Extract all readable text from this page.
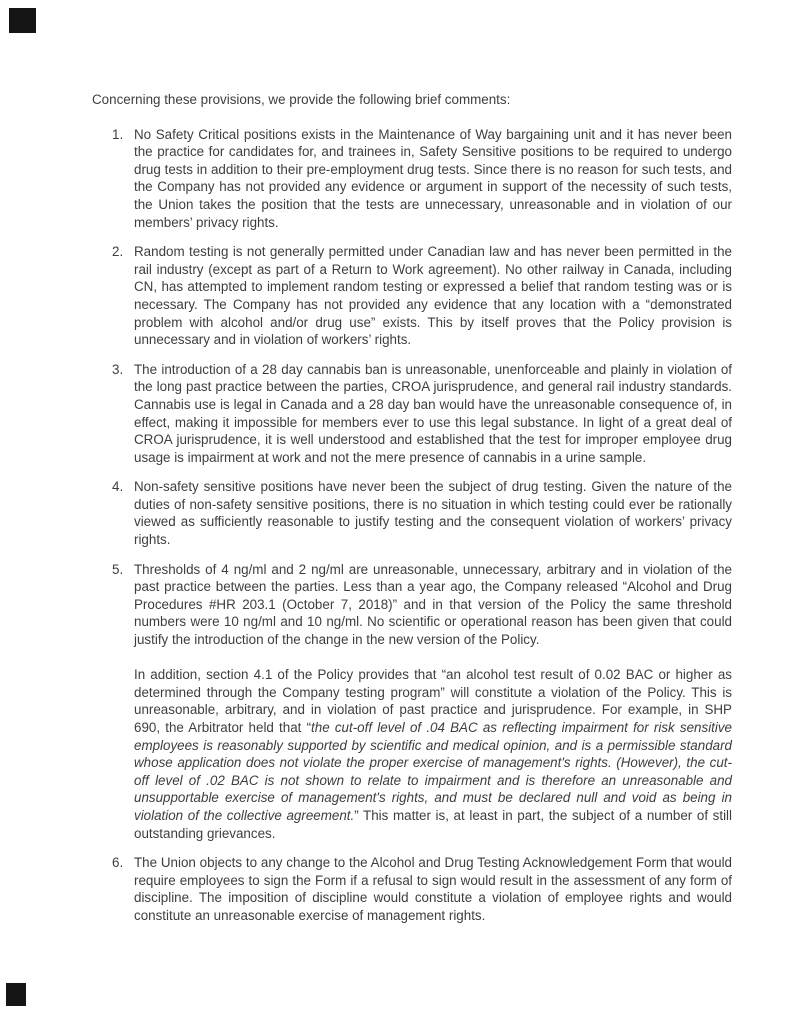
Concerning these provisions, we provide the following brief comments:

1. No Safety Critical positions exists in the Maintenance of Way bargaining unit and it has never been the practice for candidates for, and trainees in, Safety Sensitive positions to be required to undergo drug tests in addition to their pre-employment drug tests. Since there is no reason for such tests, and the Company has not provided any evidence or argument in support of the necessity of such tests, the Union takes the position that the tests are unnecessary, unreasonable and in violation of our members’ privacy rights.

2. Random testing is not generally permitted under Canadian law and has never been permitted in the rail industry (except as part of a Return to Work agreement). No other railway in Canada, including CN, has attempted to implement random testing or expressed a belief that random testing was or is necessary. The Company has not provided any evidence that any location with a “demonstrated problem with alcohol and/or drug use” exists. This by itself proves that the Policy provision is unnecessary and in violation of workers’ rights.

3. The introduction of a 28 day cannabis ban is unreasonable, unenforceable and plainly in violation of the long past practice between the parties, CROA jurisprudence, and general rail industry standards. Cannabis use is legal in Canada and a 28 day ban would have the unreasonable consequence of, in effect, making it impossible for members ever to use this legal substance. In light of a great deal of CROA jurisprudence, it is well understood and established that the test for improper employee drug usage is impairment at work and not the mere presence of cannabis in a urine sample.

4. Non-safety sensitive positions have never been the subject of drug testing. Given the nature of the duties of non-safety sensitive positions, there is no situation in which testing could ever be rationally viewed as sufficiently reasonable to justify testing and the consequent violation of workers’ privacy rights.

5. Thresholds of 4 ng/ml and 2 ng/ml are unreasonable, unnecessary, arbitrary and in violation of the past practice between the parties. Less than a year ago, the Company released “Alcohol and Drug Procedures #HR 203.1 (October 7, 2018)” and in that version of the Policy the same threshold numbers were 10 ng/ml and 10 ng/ml. No scientific or operational reason has been given that could justify the introduction of the change in the new version of the Policy.

In addition, section 4.1 of the Policy provides that “an alcohol test result of 0.02 BAC or higher as determined through the Company testing program” will constitute a violation of the Policy. This is unreasonable, arbitrary, and in violation of past practice and jurisprudence. For example, in SHP 690, the Arbitrator held that “the cut-off level of .04 BAC as reflecting impairment for risk sensitive employees is reasonably supported by scientific and medical opinion, and is a permissible standard whose application does not violate the proper exercise of management's rights. (However), the cut-off level of .02 BAC is not shown to relate to impairment and is therefore an unreasonable and unsupportable exercise of management's rights, and must be declared null and void as being in violation of the collective agreement.” This matter is, at least in part, the subject of a number of still outstanding grievances.

6. The Union objects to any change to the Alcohol and Drug Testing Acknowledgement Form that would require employees to sign the Form if a refusal to sign would result in the assessment of any form of discipline. The imposition of discipline would constitute a violation of employee rights and would constitute an unreasonable exercise of management rights.
